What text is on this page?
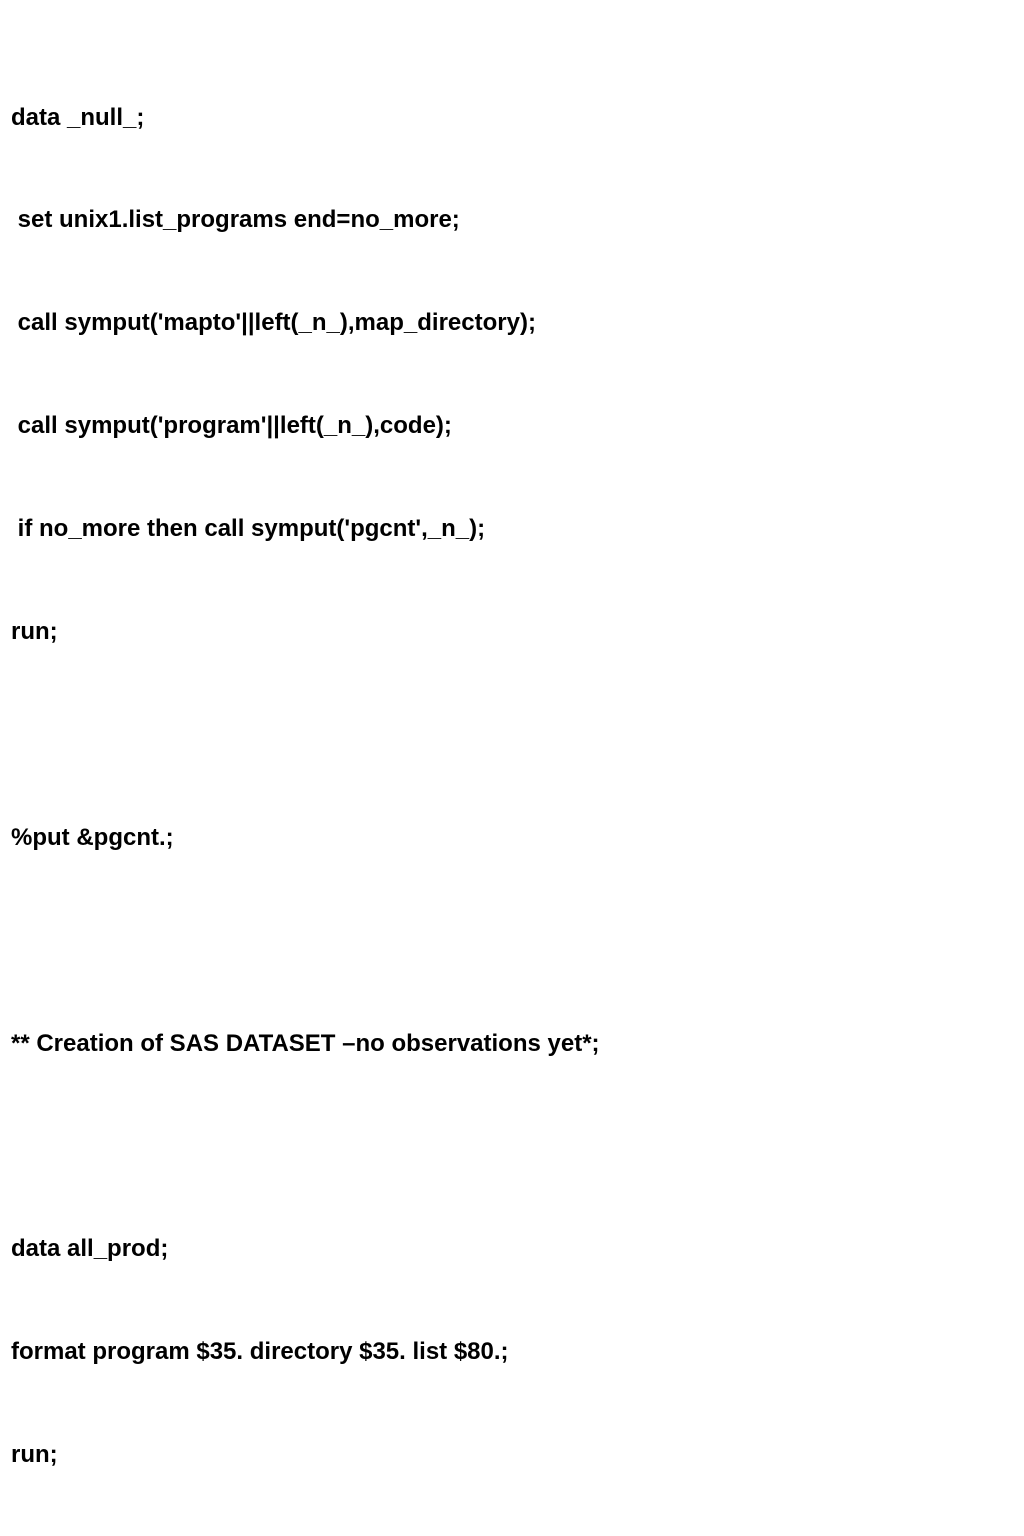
data _null_;

set unix1.list_programs end=no_more;

call symput('mapto'||left(_n_),map_directory);

call symput('program'||left(_n_),code);

if no_more then call symput('pgcnt',_n_);

run;

%put &pgcnt.;

** Creation of SAS DATASET –no observations yet*;

data all_prod;

format program $35. directory $35. list $80.;

run;
